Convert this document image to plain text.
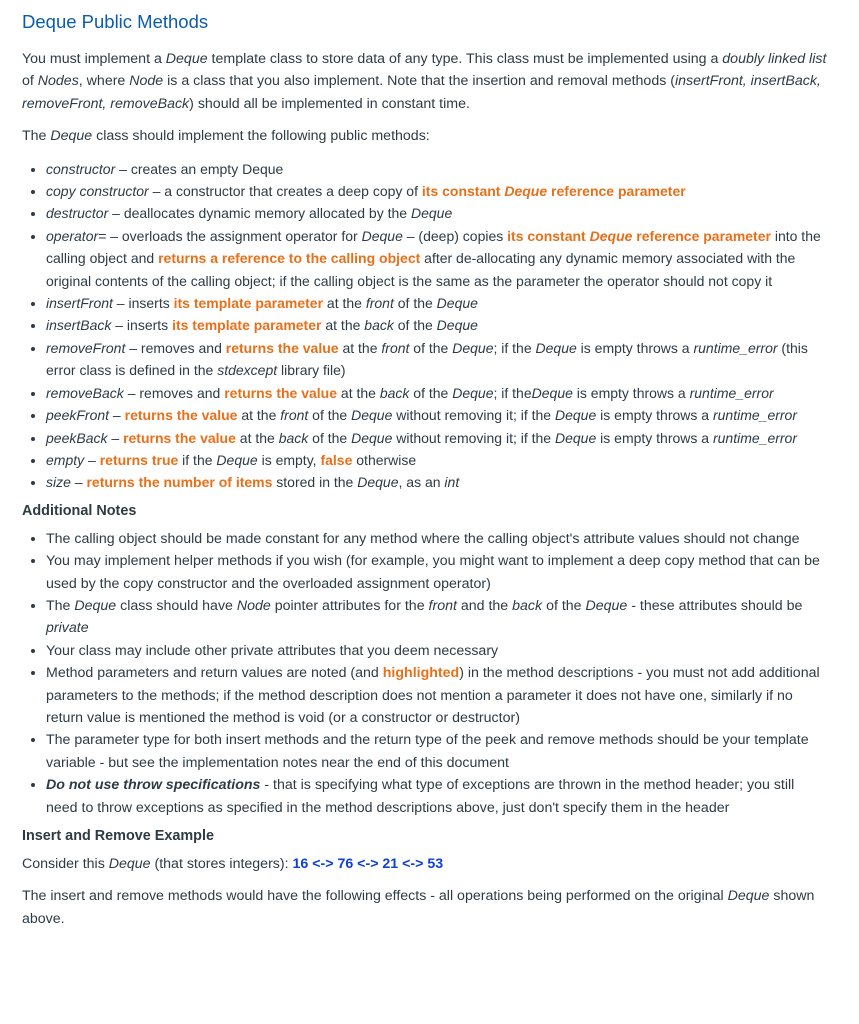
Deque Public Methods

You must implement a Deque template class to store data of any type. This class must be implemented using a doubly linked list of Nodes, where Node is a class that you also implement. Note that the insertion and removal methods (insertFront, insertBack, removeFront, removeBack) should all be implemented in constant time.

The Deque class should implement the following public methods:

• constructor – creates an empty Deque
• copy constructor – a constructor that creates a deep copy of its constant Deque reference parameter
• destructor – deallocates dynamic memory allocated by the Deque
• operator= – overloads the assignment operator for Deque – (deep) copies its constant Deque reference parameter into the calling object and returns a reference to the calling object after de-allocating any dynamic memory associated with the original contents of the calling object; if the calling object is the same as the parameter the operator should not copy it
• insertFront – inserts its template parameter at the front of the Deque
• insertBack – inserts its template parameter at the back of the Deque
• removeFront – removes and returns the value at the front of the Deque; if the Deque is empty throws a runtime_error (this error class is defined in the stdexcept library file)
• removeBack – removes and returns the value at the back of the Deque; if theDeque is empty throws a runtime_error
• peekFront – returns the value at the front of the Deque without removing it; if the Deque is empty throws a runtime_error
• peekBack – returns the value at the back of the Deque without removing it; if the Deque is empty throws a runtime_error
• empty – returns true if the Deque is empty, false otherwise
• size – returns the number of items stored in the Deque, as an int
Additional Notes
• The calling object should be made constant for any method where the calling object's attribute values should not change
• You may implement helper methods if you wish (for example, you might want to implement a deep copy method that can be used by the copy constructor and the overloaded assignment operator)
• The Deque class should have Node pointer attributes for the front and the back of the Deque - these attributes should be private
• Your class may include other private attributes that you deem necessary
• Method parameters and return values are noted (and highlighted) in the method descriptions - you must not add additional parameters to the methods; if the method description does not mention a parameter it does not have one, similarly if no return value is mentioned the method is void (or a constructor or destructor)
• The parameter type for both insert methods and the return type of the peek and remove methods should be your template variable - but see the implementation notes near the end of this document
• Do not use throw specifications - that is specifying what type of exceptions are thrown in the method header; you still need to throw exceptions as specified in the method descriptions above, just don't specify them in the header
Insert and Remove Example

Consider this Deque (that stores integers): 16 <-> 76 <-> 21 <-> 53

The insert and remove methods would have the following effects - all operations being performed on the original Deque shown above.
